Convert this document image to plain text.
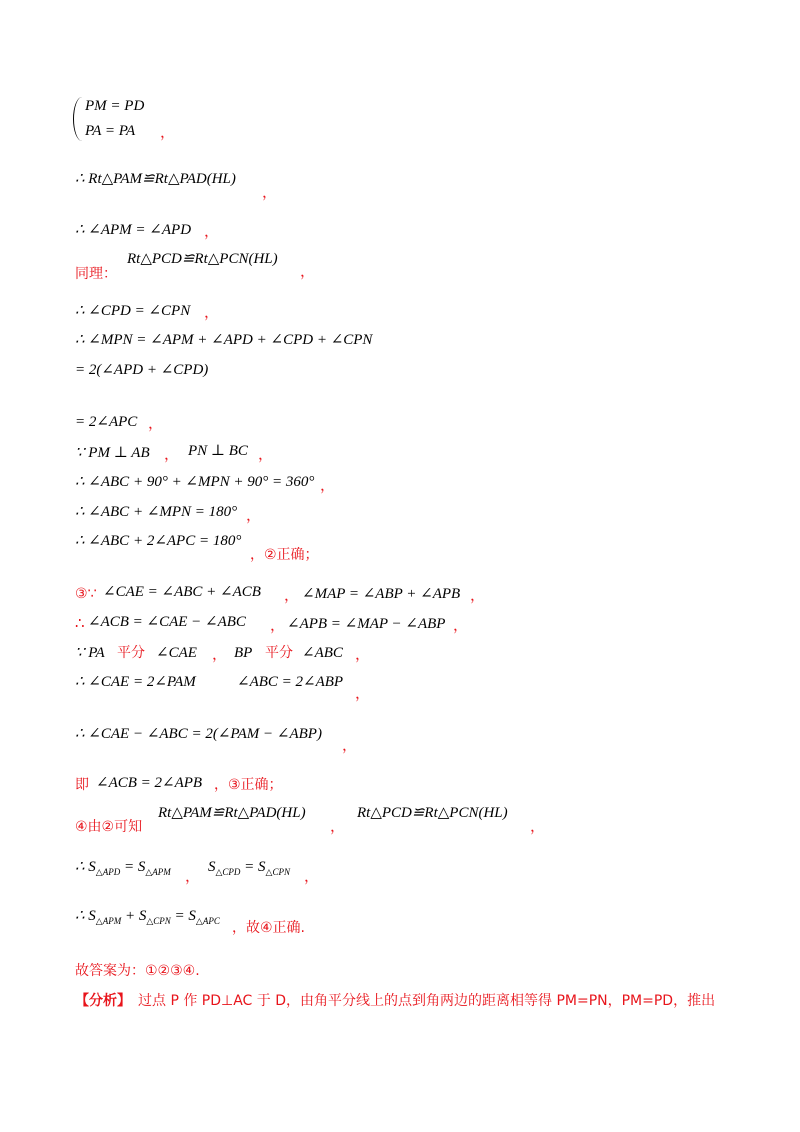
PM = PD
PA = PA ，
∴ Rt△PAM≌Rt△PAD(HL)
，
∴ ∠APM = ∠APD ，
同理：
Rt△PCD≌Rt△PCN(HL)
，
∴ ∠CPD = ∠CPN ，
∴ ∠MPN = ∠APM + ∠APD + ∠CPD + ∠CPN
= 2(∠APD + ∠CPD)
= 2∠APC ，
∵ PM ⊥ AB ， PN ⊥ BC ，
∴ ∠ABC + 90° + ∠MPN + 90° = 360° ，
∴ ∠ABC + ∠MPN = 180° ，
∴ ∠ABC + 2∠APC = 180°
，②正确；
③∵ ∠CAE = ∠ABC + ∠ACB ， ∠MAP = ∠ABP + ∠APB ，
∴ ∠ACB = ∠CAE − ∠ABC ， ∠APB = ∠MAP − ∠ABP ，
∵ PA 平分 ∠CAE ， BP 平分 ∠ABC ，
∴ ∠CAE = 2∠PAM	∠ABC = 2∠ABP
，
∴ ∠CAE − ∠ABC = 2(∠PAM − ∠ABP)
，
即 ∠ACB = 2∠APB ，③正确；
④由②可知
Rt△PAM≌Rt△PAD(HL)
，
Rt△PCD≌Rt△PCN(HL)
，
∴ $S_{\triangle APD} = S_{\triangle APM}$ ，
$S_{\triangle CPD} = S_{\triangle CPN}$ ，
∴ $S_{\triangle APM} + S_{\triangle CPN} = S_{\triangle APC}$ ，故④正确.
故答案为：①②③④.
【分析】 过点 P 作 PD⊥AC 于 D，由角平分线上的点到角两边的距离相等得 PM=PN，PM=PD，推出
